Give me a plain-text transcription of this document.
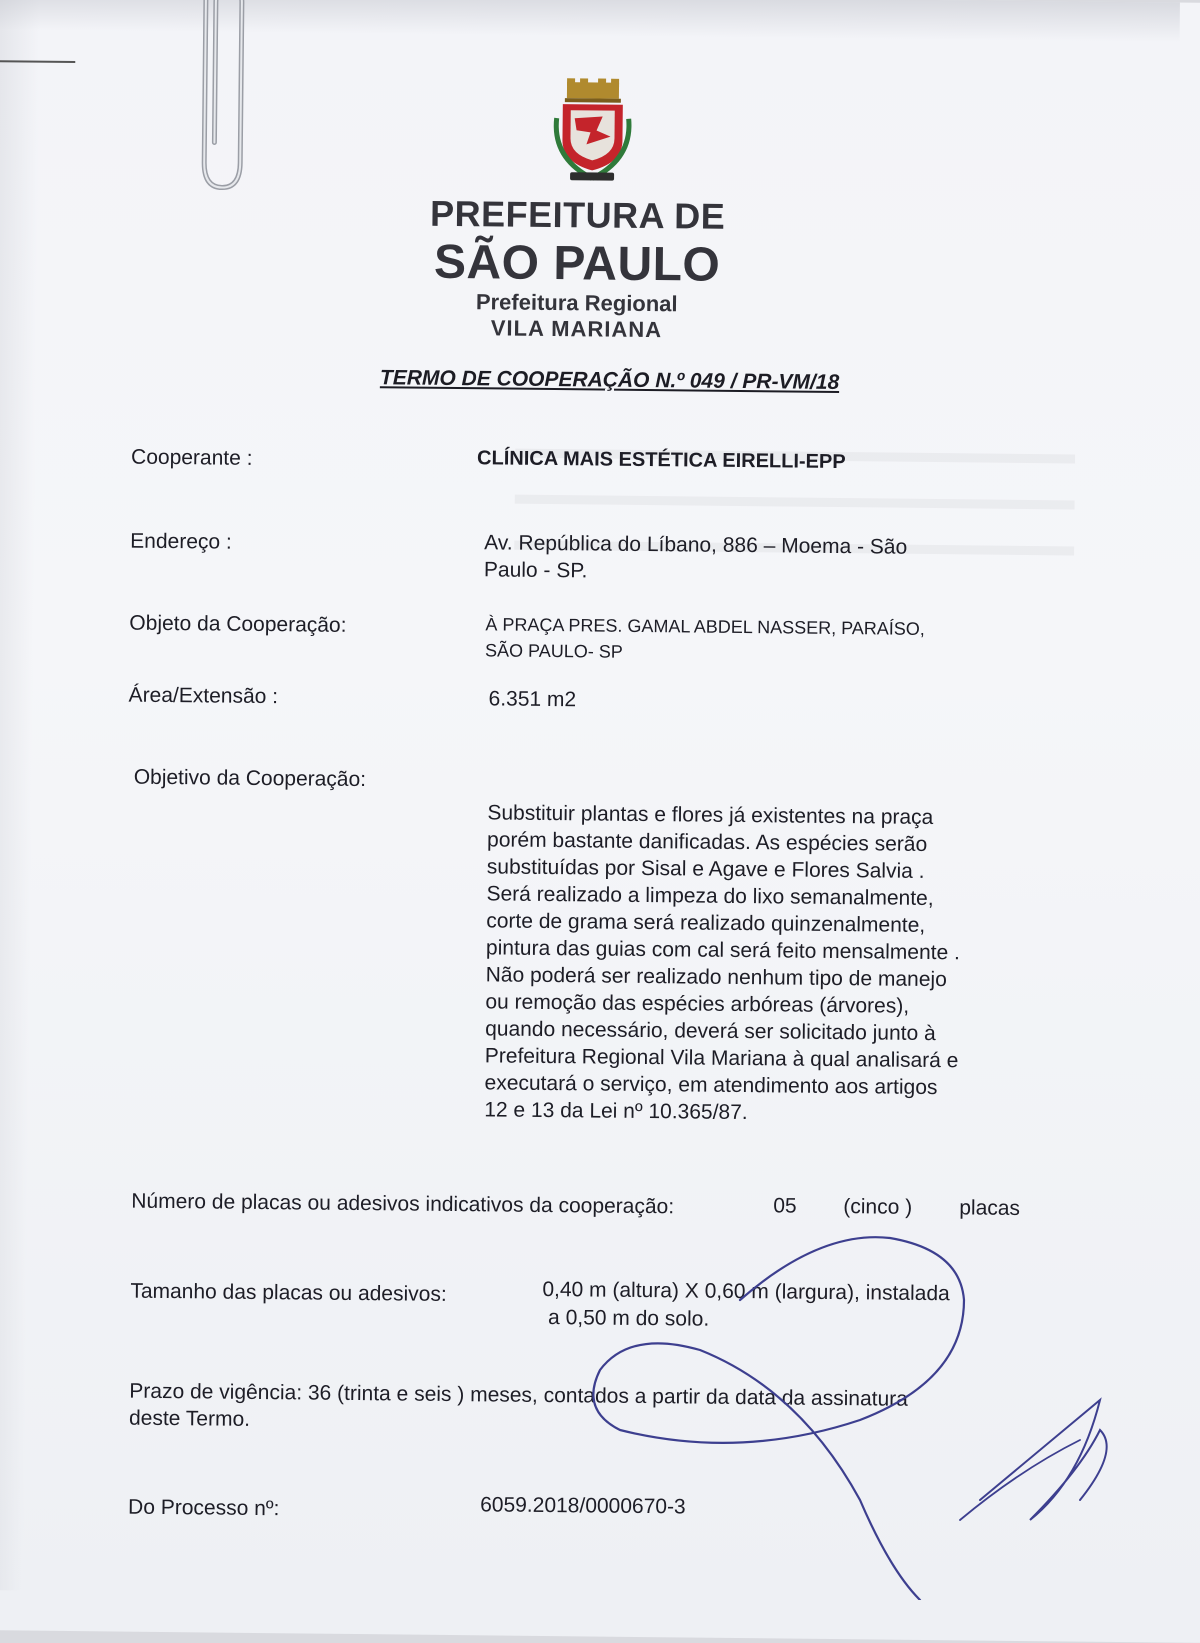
PREFEITURA DE
SÃO PAULO
Prefeitura Regional
VILA MARIANA
TERMO DE COOPERAÇÃO N.º 049 / PR-VM/18
Cooperante :	CLÍNICA MAIS ESTÉTICA EIRELLI-EPP
Endereço :	Av. República do Líbano, 886 – Moema - São
Paulo - SP.
Objeto da Cooperação:	À PRAÇA PRES. GAMAL ABDEL NASSER, PARAÍSO,
SÃO PAULO- SP
Área/Extensão :	6.351 m2
Objetivo da Cooperação:
Substituir plantas e flores já existentes na praça
porém bastante danificadas. As espécies serão
substituídas por Sisal e Agave e Flores Salvia .
Será realizado a limpeza do lixo semanalmente,
corte de grama será realizado quinzenalmente,
pintura das guias com cal será feito mensalmente .
Não poderá ser realizado nenhum tipo de manejo
ou remoção das espécies arbóreas (árvores),
quando necessário, deverá ser solicitado junto à
Prefeitura Regional Vila Mariana à qual analisará e
executará o serviço, em atendimento aos artigos
12 e 13 da Lei nº 10.365/87.
Número de placas ou adesivos indicativos da cooperação:	05 (cinco ) placas
Tamanho das placas ou adesivos:	0,40 m (altura) X 0,60 m (largura), instalada
a 0,50 m do solo.
Prazo de vigência: 36 (trinta e seis ) meses, contados a partir da data da assinatura
deste Termo.
Do Processo nº:	6059.2018/0000670-3
